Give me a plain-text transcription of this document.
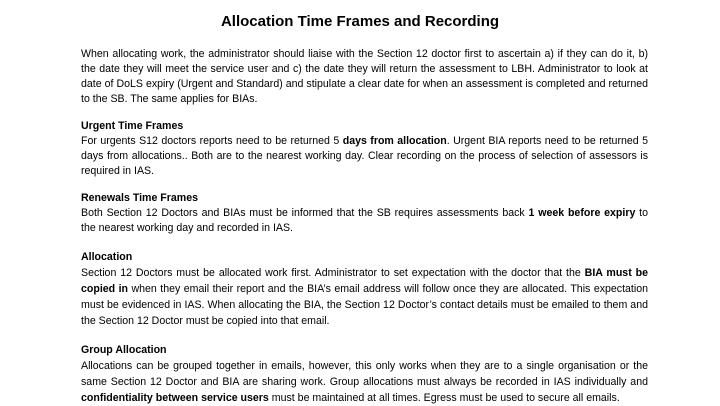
Allocation Time Frames and Recording

When allocating work, the administrator should liaise with the Section 12 doctor first to ascertain a) if they can do it, b) the date they will meet the service user and c) the date they will return the assessment to LBH. Administrator to look at date of DoLS expiry (Urgent and Standard) and stipulate a clear date for when an assessment is completed and returned to the SB. The same applies for BIAs.

Urgent Time Frames

For urgents S12 doctors reports need to be returned 5 days from allocation. Urgent BIA reports need to be returned 5 days from allocations.. Both are to the nearest working day. Clear recording on the process of selection of assessors is required in IAS.

Renewals Time Frames

Both Section 12 Doctors and BIAs must be informed that the SB requires assessments back 1 week before expiry to the nearest working day and recorded in IAS.

Allocation

Section 12 Doctors must be allocated work first. Administrator to set expectation with the doctor that the BIA must be copied in when they email their report and the BIA’s email address will follow once they are allocated. This expectation must be evidenced in IAS. When allocating the BIA, the Section 12 Doctor’s contact details must be emailed to them and the Section 12 Doctor must be copied into that email.

Group Allocation

Allocations can be grouped together in emails, however, this only works when they are to a single organisation or the same Section 12 Doctor and BIA are sharing work. Group allocations must always be recorded in IAS individually and confidentiality between service users must be maintained at all times. Egress must be used to secure all emails.
